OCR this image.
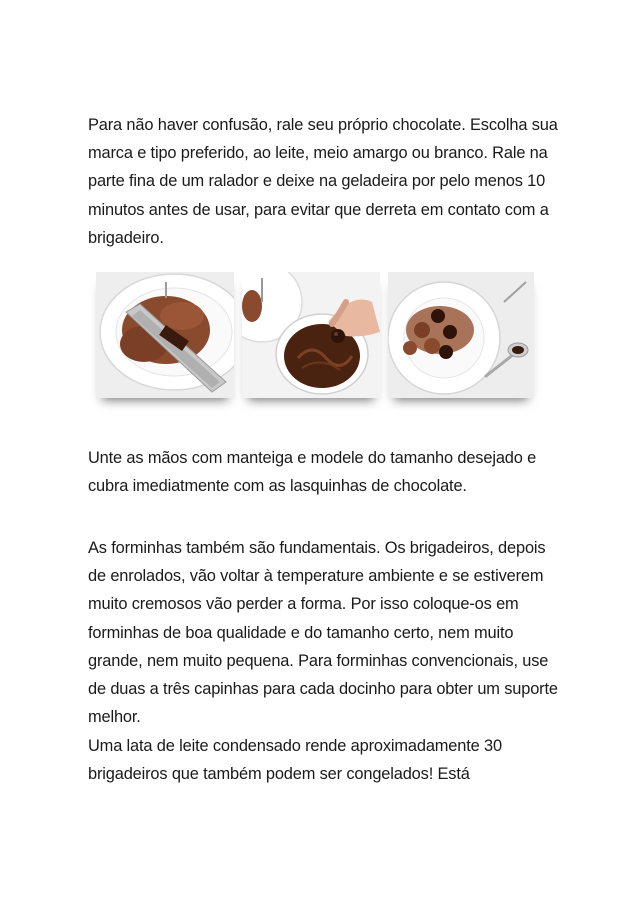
Para não haver confusão, rale seu próprio chocolate. Escolha sua marca e tipo preferido, ao leite, meio amargo ou branco. Rale na parte fina de um ralador e deixe na geladeira por pelo menos 10 minutos antes de usar, para evitar que derreta em contato com a brigadeiro.

Unte as mãos com manteiga e modele do tamanho desejado e cubra imediatmente com as lasquinhas de chocolate.

As forminhas também são fundamentais. Os brigadeiros, depois de enrolados, vão voltar à temperature ambiente e se estiverem muito cremosos vão perder a forma. Por isso coloque-os em forminhas de boa qualidade e do tamanho certo, nem muito grande, nem muito pequena. Para forminhas convencionais, use de duas a três capinhas para cada docinho para obter um suporte melhor.

Uma lata de leite condensado rende aproximadamente 30 brigadeiros que também podem ser congelados! Está
